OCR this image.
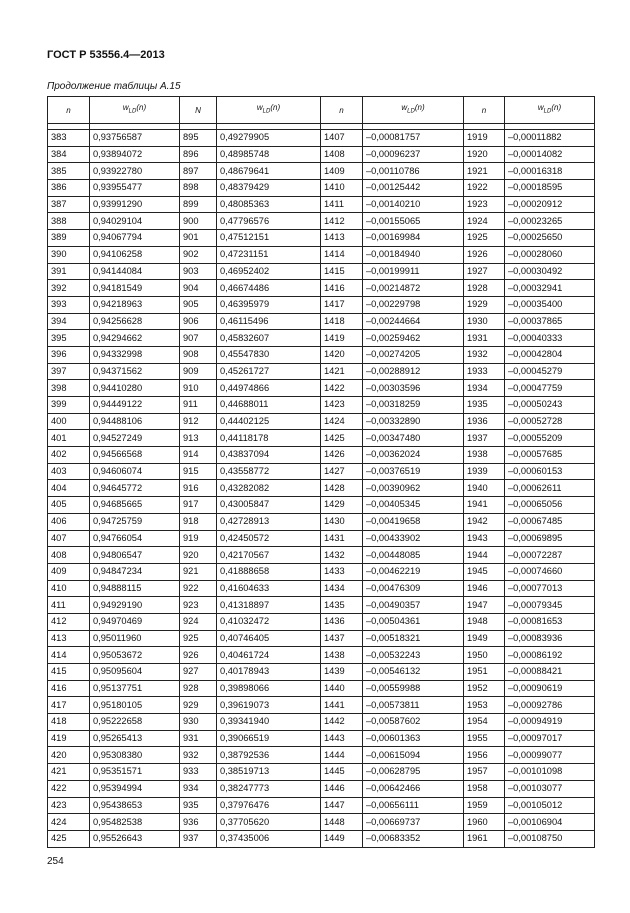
ГОСТ Р 53556.4—2013
Продолжение таблицы А.15
n	$w_{LD}(n)$	N	$w_{LD}(n)$	n	$w_{LD}(n)$	n	$w_{LD}(n)$

383	0,93756587	895	0,49279905	1407	–0,00081757	1919	–0,00011882
384	0,93894072	896	0,48985748	1408	–0,00096237	1920	–0,00014082
385	0,93922780	897	0,48679641	1409	–0,00110786	1921	–0,00016318
386	0,93955477	898	0,48379429	1410	–0,00125442	1922	–0,00018595
387	0,93991290	899	0,48085363	1411	–0,00140210	1923	–0,00020912
388	0,94029104	900	0,47796576	1412	–0,00155065	1924	–0,00023265
389	0,94067794	901	0,47512151	1413	–0,00169984	1925	–0,00025650
390	0,94106258	902	0,47231151	1414	–0,00184940	1926	–0,00028060
391	0,94144084	903	0,46952402	1415	–0,00199911	1927	–0,00030492
392	0,94181549	904	0,46674486	1416	–0,00214872	1928	–0,00032941
393	0,94218963	905	0,46395979	1417	–0,00229798	1929	–0,00035400
394	0,94256628	906	0,46115496	1418	–0,00244664	1930	–0,00037865
395	0,94294662	907	0,45832607	1419	–0,00259462	1931	–0,00040333
396	0,94332998	908	0,45547830	1420	–0,00274205	1932	–0,00042804
397	0,94371562	909	0,45261727	1421	–0,00288912	1933	–0,00045279
398	0,94410280	910	0,44974866	1422	–0,00303596	1934	–0,00047759
399	0,94449122	911	0,44688011	1423	–0,00318259	1935	–0,00050243
400	0,94488106	912	0,44402125	1424	–0,00332890	1936	–0,00052728
401	0,94527249	913	0,44118178	1425	–0,00347480	1937	–0,00055209
402	0,94566568	914	0,43837094	1426	–0,00362024	1938	–0,00057685
403	0,94606074	915	0,43558772	1427	–0,00376519	1939	–0,00060153
404	0,94645772	916	0,43282082	1428	–0,00390962	1940	–0,00062611
405	0,94685665	917	0,43005847	1429	–0,00405345	1941	–0,00065056
406	0,94725759	918	0,42728913	1430	–0,00419658	1942	–0,00067485
407	0,94766054	919	0,42450572	1431	–0,00433902	1943	–0,00069895
408	0,94806547	920	0,42170567	1432	–0,00448085	1944	–0,00072287
409	0,94847234	921	0,41888658	1433	–0,00462219	1945	–0,00074660
410	0,94888115	922	0,41604633	1434	–0,00476309	1946	–0,00077013
411	0,94929190	923	0,41318897	1435	–0,00490357	1947	–0,00079345
412	0,94970469	924	0,41032472	1436	–0,00504361	1948	–0,00081653
413	0,95011960	925	0,40746405	1437	–0,00518321	1949	–0,00083936
414	0,95053672	926	0,40461724	1438	–0,00532243	1950	–0,00086192
415	0,95095604	927	0,40178943	1439	–0,00546132	1951	–0,00088421
416	0,95137751	928	0,39898066	1440	–0,00559988	1952	–0,00090619
417	0,95180105	929	0,39619073	1441	–0,00573811	1953	–0,00092786
418	0,95222658	930	0,39341940	1442	–0,00587602	1954	–0,00094919
419	0,95265413	931	0,39066519	1443	–0,00601363	1955	–0,00097017
420	0,95308380	932	0,38792536	1444	–0,00615094	1956	–0,00099077
421	0,95351571	933	0,38519713	1445	–0,00628795	1957	–0,00101098
422	0,95394994	934	0,38247773	1446	–0,00642466	1958	–0,00103077
423	0,95438653	935	0,37976476	1447	–0,00656111	1959	–0,00105012
424	0,95482538	936	0,37705620	1448	–0,00669737	1960	–0,00106904
425	0,95526643	937	0,37435006	1449	–0,00683352	1961	–0,00108750
254
